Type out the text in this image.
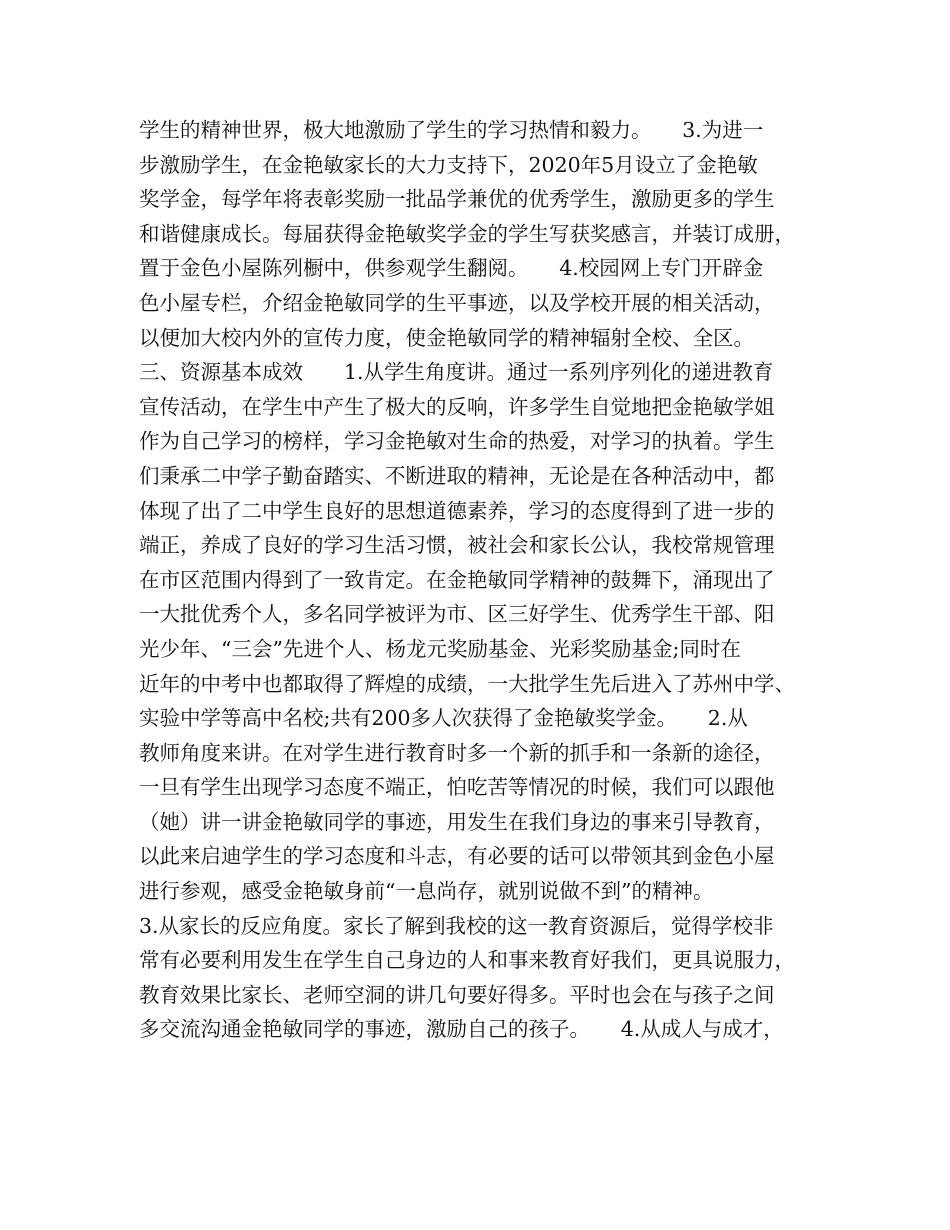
学生的精神世界，极大地激励了学生的学习热情和毅力。　　3.为进一
步激励学生，在金艳敏家长的大力支持下，2020年5月设立了金艳敏
奖学金，每学年将表彰奖励一批品学兼优的优秀学生，激励更多的学生
和谐健康成长。每届获得金艳敏奖学金的学生写获奖感言，并装订成册，
置于金色小屋陈列橱中，供参观学生翻阅。　　4.校园网上专门开辟金
色小屋专栏，介绍金艳敏同学的生平事迹，以及学校开展的相关活动，
以便加大校内外的宣传力度，使金艳敏同学的精神辐射全校、全区。
三、资源基本成效　　1.从学生角度讲。通过一系列序列化的递进教育
宣传活动，在学生中产生了极大的反响，许多学生自觉地把金艳敏学姐
作为自己学习的榜样，学习金艳敏对生命的热爱，对学习的执着。学生
们秉承二中学子勤奋踏实、不断进取的精神，无论是在各种活动中，都
体现了出了二中学生良好的思想道德素养，学习的态度得到了进一步的
端正，养成了良好的学习生活习惯，被社会和家长公认，我校常规管理
在市区范围内得到了一致肯定。在金艳敏同学精神的鼓舞下，涌现出了
一大批优秀个人，多名同学被评为市、区三好学生、优秀学生干部、阳
光少年、“三会”先进个人、杨龙元奖励基金、光彩奖励基金;同时在
近年的中考中也都取得了辉煌的成绩，一大批学生先后进入了苏州中学、
实验中学等高中名校;共有200多人次获得了金艳敏奖学金。　　2.从
教师角度来讲。在对学生进行教育时多一个新的抓手和一条新的途径，
一旦有学生出现学习态度不端正，怕吃苦等情况的时候，我们可以跟他
（她）讲一讲金艳敏同学的事迹，用发生在我们身边的事来引导教育，
以此来启迪学生的学习态度和斗志，有必要的话可以带领其到金色小屋
进行参观，感受金艳敏身前“一息尚存，就别说做不到”的精神。
3.从家长的反应角度。家长了解到我校的这一教育资源后，觉得学校非
常有必要利用发生在学生自己身边的人和事来教育好我们，更具说服力，
教育效果比家长、老师空洞的讲几句要好得多。平时也会在与孩子之间
多交流沟通金艳敏同学的事迹，激励自己的孩子。　　4.从成人与成才，
